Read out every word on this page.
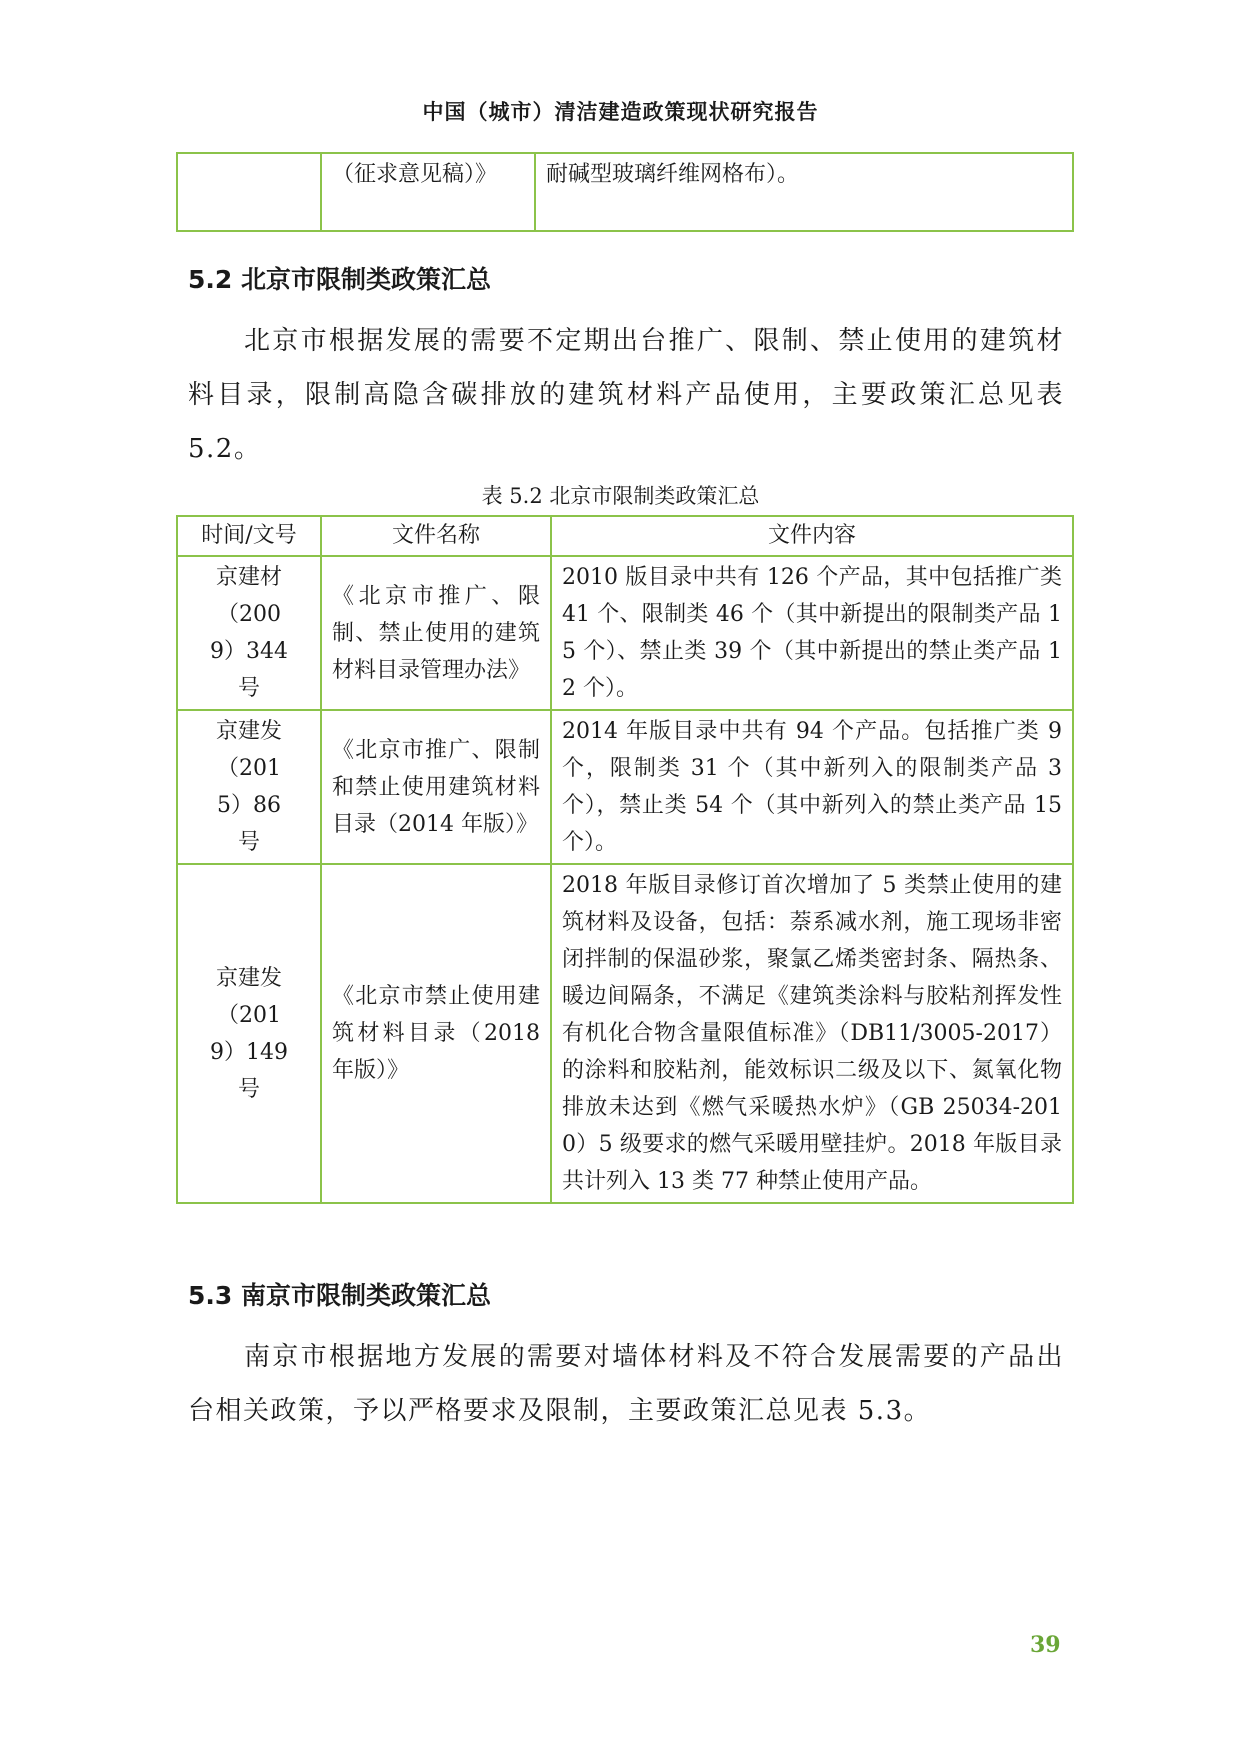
中国（城市）清洁建造政策现状研究报告
	（征求意见稿）》	耐碱型玻璃纤维网格布）。
5.2 北京市限制类政策汇总

北京市根据发展的需要不定期出台推广、限制、禁止使用的建筑材料目录，限制高隐含碳排放的建筑材料产品使用，主要政策汇总见表 5.2。

表 5.2 北京市限制类政策汇总
时间/文号	文件名称	文件内容
京建材（2009）344 号	《北京市推广、限制、禁止使用的建筑材料目录管理办法》	2010 版目录中共有 126 个产品，其中包括推广类 41 个、限制类 46 个（其中新提出的限制类产品 15 个）、禁止类 39 个（其中新提出的禁止类产品 12 个）。
京建发（2015）86 号	《北京市推广、限制和禁止使用建筑材料目录（2014 年版）》	2014 年版目录中共有 94 个产品。包括推广类 9 个，限制类 31 个（其中新列入的限制类产品 3 个），禁止类 54 个（其中新列入的禁止类产品 15 个）。
京建发（2019）149 号	《北京市禁止使用建筑材料目录（2018 年版）》	2018 年版目录修订首次增加了 5 类禁止使用的建筑材料及设备，包括：萘系减水剂，施工现场非密闭拌制的保温砂浆，聚氯乙烯类密封条、隔热条、暖边间隔条，不满足《建筑类涂料与胶粘剂挥发性有机化合物含量限值标准》（DB11/3005-2017）的涂料和胶粘剂，能效标识二级及以下、氮氧化物排放未达到《燃气采暖热水炉》（GB 25034-2010）5 级要求的燃气采暖用壁挂炉。2018 年版目录共计列入 13 类 77 种禁止使用产品。
5.3 南京市限制类政策汇总

南京市根据地方发展的需要对墙体材料及不符合发展需要的产品出台相关政策，予以严格要求及限制，主要政策汇总见表 5.3。

39
